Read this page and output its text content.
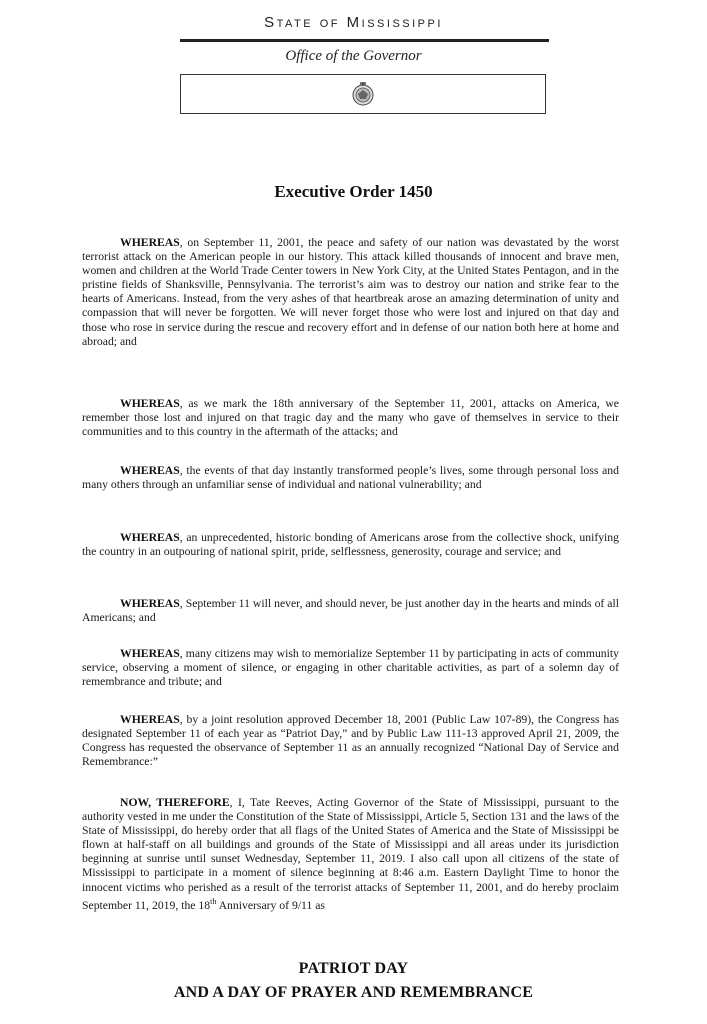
State of Mississippi
Office of the Governor
Executive Order 1450

WHEREAS, on September 11, 2001, the peace and safety of our nation was devastated by the worst terrorist attack on the American people in our history. This attack killed thousands of innocent and brave men, women and children at the World Trade Center towers in New York City, at the United States Pentagon, and in the pristine fields of Shanksville, Pennsylvania. The terrorist’s aim was to destroy our nation and strike fear to the hearts of Americans. Instead, from the very ashes of that heartbreak arose an amazing determination of unity and compassion that will never be forgotten. We will never forget those who were lost and injured on that day and those who rose in service during the rescue and recovery effort and in defense of our nation both here at home and abroad; and

WHEREAS, as we mark the 18th anniversary of the September 11, 2001, attacks on America, we remember those lost and injured on that tragic day and the many who gave of themselves in service to their communities and to this country in the aftermath of the attacks; and

WHEREAS, the events of that day instantly transformed people’s lives, some through personal loss and many others through an unfamiliar sense of individual and national vulnerability; and

WHEREAS, an unprecedented, historic bonding of Americans arose from the collective shock, unifying the country in an outpouring of national spirit, pride, selflessness, generosity, courage and service; and

WHEREAS, September 11 will never, and should never, be just another day in the hearts and minds of all Americans; and

WHEREAS, many citizens may wish to memorialize September 11 by participating in acts of community service, observing a moment of silence, or engaging in other charitable activities, as part of a solemn day of remembrance and tribute; and

WHEREAS, by a joint resolution approved December 18, 2001 (Public Law 107-89), the Congress has designated September 11 of each year as “Patriot Day,” and by Public Law 111-13 approved April 21, 2009, the Congress has requested the observance of September 11 as an annually recognized “National Day of Service and Remembrance:”

NOW, THEREFORE, I, Tate Reeves, Acting Governor of the State of Mississippi, pursuant to the authority vested in me under the Constitution of the State of Mississippi, Article 5, Section 131 and the laws of the State of Mississippi, do hereby order that all flags of the United States of America and the State of Mississippi be flown at half-staff on all buildings and grounds of the State of Mississippi and all areas under its jurisdiction beginning at sunrise until sunset Wednesday, September 11, 2019. I also call upon all citizens of the state of Mississippi to participate in a moment of silence beginning at 8:46 a.m. Eastern Daylight Time to honor the innocent victims who perished as a result of the terrorist attacks of September 11, 2001, and do hereby proclaim September 11, 2019, the 18th Anniversary of 9/11 as

PATRIOT DAY
AND A DAY OF PRAYER AND REMEMBRANCE
